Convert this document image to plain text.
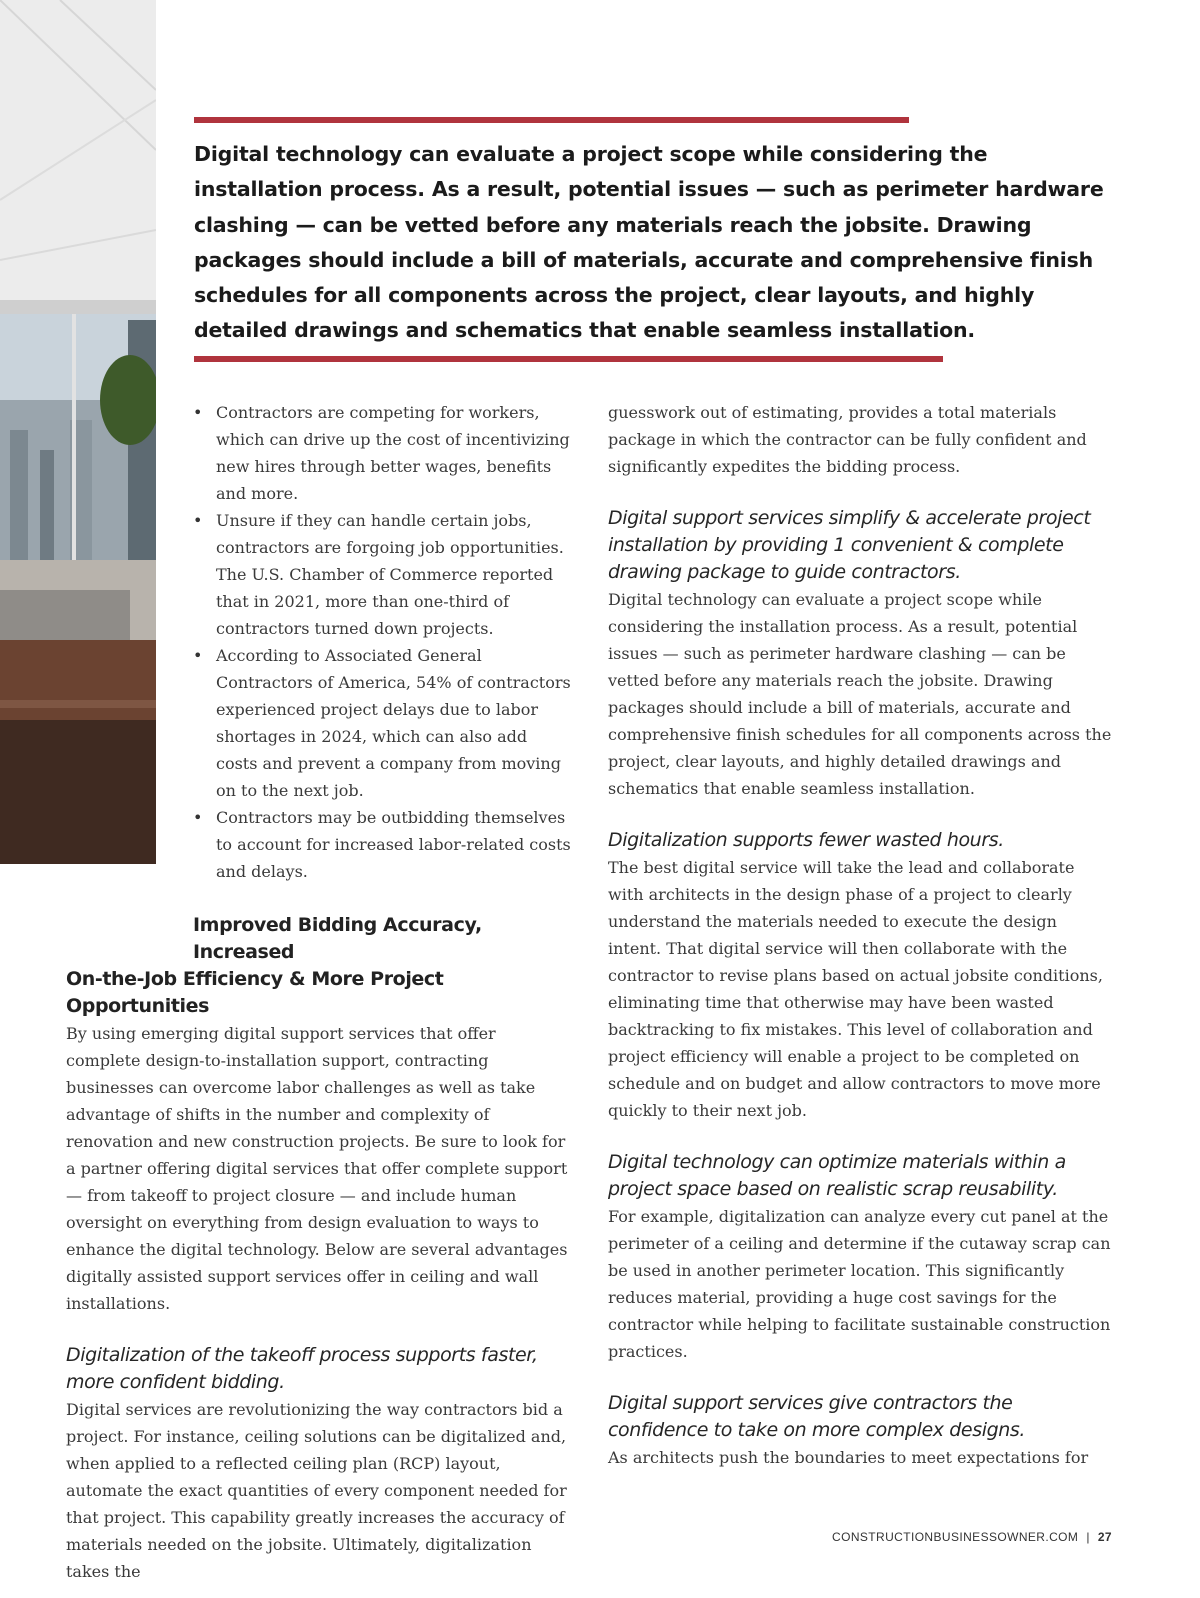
Digital technology can evaluate a project scope while considering the installation process. As a result, potential issues — such as perimeter hardware clashing — can be vetted before any materials reach the jobsite. Drawing packages should include a bill of materials, accurate and comprehensive finish schedules for all components across the project, clear layouts, and highly detailed drawings and schematics that enable seamless installation.

• Contractors are competing for workers, which can drive up the cost of incentivizing new hires through better wages, benefits and more.
• Unsure if they can handle certain jobs, contractors are forgoing job opportunities. The U.S. Chamber of Commerce reported that in 2021, more than one-third of contractors turned down projects.
• According to Associated General Contractors of America, 54% of contractors experienced project delays due to labor shortages in 2024, which can also add costs and prevent a company from moving on to the next job.
• Contractors may be outbidding themselves to account for increased labor-related costs and delays.
Improved Bidding Accuracy, Increased
On-the-Job Efficiency & More Project Opportunities

By using emerging digital support services that offer complete design-to-installation support, contracting businesses can overcome labor challenges as well as take advantage of shifts in the number and complexity of renovation and new construction projects. Be sure to look for a partner offering digital services that offer complete support — from takeoff to project closure — and include human oversight on everything from design evaluation to ways to enhance the digital technology. Below are several advantages digitally assisted support services offer in ceiling and wall installations.

Digitalization of the takeoff process supports faster, more confident bidding.

Digital services are revolutionizing the way contractors bid a project. For instance, ceiling solutions can be digitalized and, when applied to a reflected ceiling plan (RCP) layout, automate the exact quantities of every component needed for that project. This capability greatly increases the accuracy of materials needed on the jobsite. Ultimately, digitalization takes the

guesswork out of estimating, provides a total materials package in which the contractor can be fully confident and significantly expedites the bidding process.

Digital support services simplify & accelerate project installation by providing 1 convenient & complete drawing package to guide contractors.

Digital technology can evaluate a project scope while considering the installation process. As a result, potential issues — such as perimeter hardware clashing — can be vetted before any materials reach the jobsite. Drawing packages should include a bill of materials, accurate and comprehensive finish schedules for all components across the project, clear layouts, and highly detailed drawings and schematics that enable seamless installation.

Digitalization supports fewer wasted hours.

The best digital service will take the lead and collaborate with architects in the design phase of a project to clearly understand the materials needed to execute the design intent. That digital service will then collaborate with the contractor to revise plans based on actual jobsite conditions, eliminating time that otherwise may have been wasted backtracking to fix mistakes. This level of collaboration and project efficiency will enable a project to be completed on schedule and on budget and allow contractors to move more quickly to their next job.

Digital technology can optimize materials within a project space based on realistic scrap reusability.

For example, digitalization can analyze every cut panel at the perimeter of a ceiling and determine if the cutaway scrap can be used in another perimeter location. This significantly reduces material, providing a huge cost savings for the contractor while helping to facilitate sustainable construction practices.

Digital support services give contractors the confidence to take on more complex designs.

As architects push the boundaries to meet expectations for

CONSTRUCTIONBUSINESSOWNER.COM | 27
